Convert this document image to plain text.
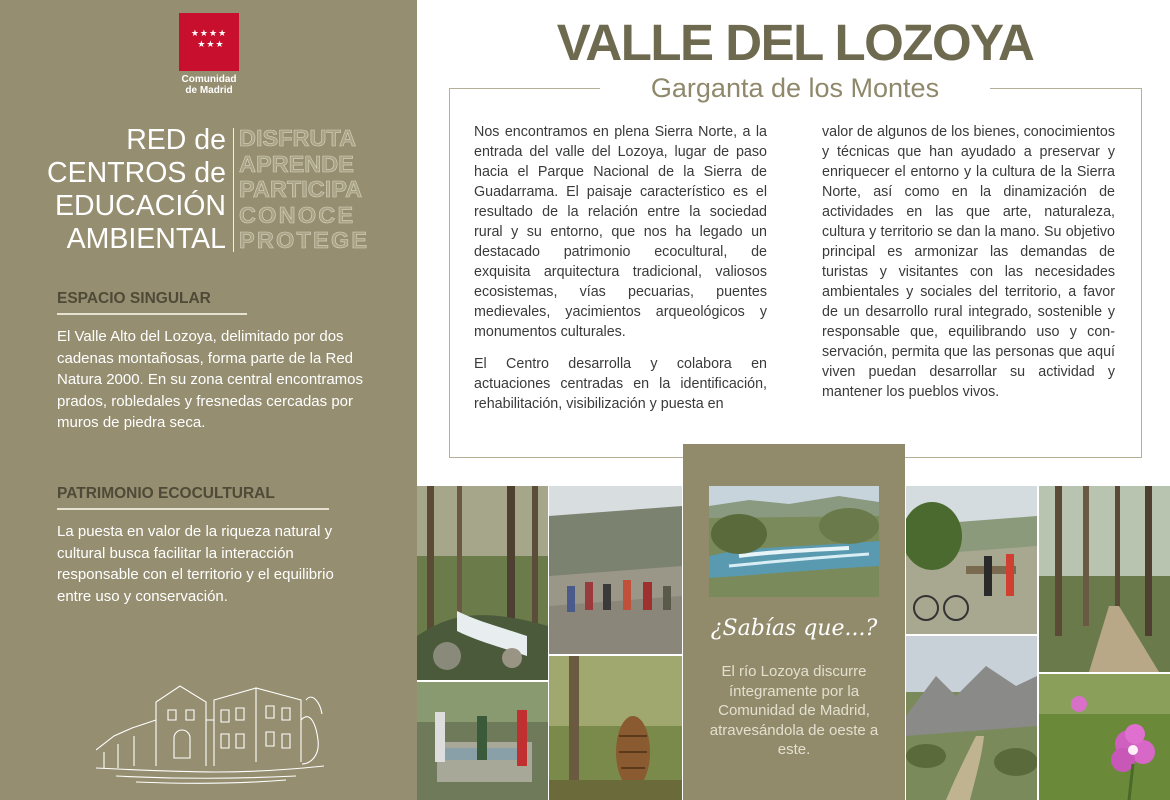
★★★★
★★★
Comunidad
de Madrid
RED de
CENTROS de
EDUCACIÓN
AMBIENTAL
DISFRUTA
APRENDE
PARTICIPA
CONOCE
PROTEGE
ESPACIO SINGULAR
El Valle Alto del Lozoya, delimitado por dos cadenas montañosas, forma parte de la Red Natura 2000. En su zona central encontramos prados, robledales y fresnedas cercadas por muros de piedra seca.
PATRIMONIO ECOCULTURAL
La puesta en valor de la riqueza natural y cultural busca facilitar la interacción responsable con el territorio y el equilibrio entre uso y conservación.
VALLE DEL LOZOYA
Garganta de los Montes

Nos encontramos en plena Sierra Norte, a la entrada del valle del Lozoya, lugar de paso hacia el Parque Nacional de la Sierra de Guadarrama. El paisaje característico es el resultado de la relación entre la sociedad rural y su entorno, que nos ha legado un destacado patrimonio ecocultural, de exquisita arquitectura tradicional, valiosos ecosistemas, vías pecuarias, puentes medievales, yacimientos arqueológicos y monumentos culturales.

El Centro desarrolla y colabora en actuaciones centradas en la identificación, rehabilitación, visibilización y puesta en

valor de algunos de los bienes, conocimientos y técnicas que han ayudado a preservar y enriquecer el entorno y la cultura de la Sierra Norte, así como en la dinamización de actividades en las que arte, naturaleza, cultura y territorio se dan la mano. Su objetivo principal es armonizar las demandas de turistas y visitantes con las necesidades ambientales y sociales del territorio, a favor de un desarrollo rural integrado, sostenible y responsable que, equilibrando uso y conservación, permita que las personas que aquí viven puedan desarrollar su actividad y mantener los pueblos vivos.

¿Sabías que...?
El río Lozoya discurre íntegramente por la Comunidad de Madrid, atravesándola de oeste a este.
